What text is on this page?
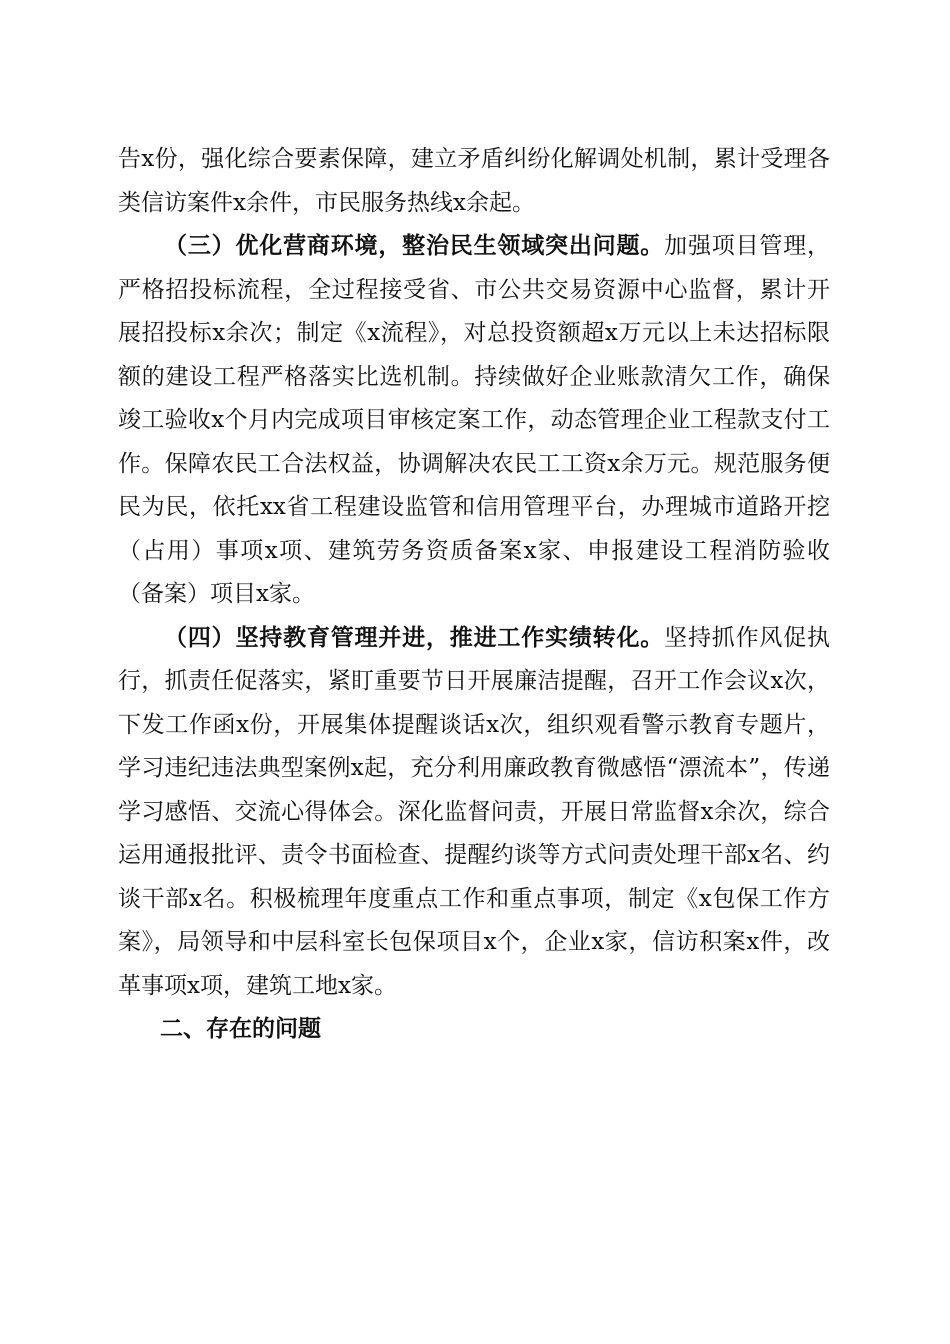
告x份，强化综合要素保障，建立矛盾纠纷化解调处机制，累计受理各类信访案件x余件，市民服务热线x余起。

（三）优化营商环境，整治民生领域突出问题。加强项目管理，严格招投标流程，全过程接受省、市公共交易资源中心监督，累计开展招投标x余次；制定《x流程》，对总投资额超x万元以上未达招标限额的建设工程严格落实比选机制。持续做好企业账款清欠工作，确保竣工验收x个月内完成项目审核定案工作，动态管理企业工程款支付工作。保障农民工合法权益，协调解决农民工工资x余万元。规范服务便民为民，依托xx省工程建设监管和信用管理平台，办理城市道路开挖（占用）事项x项、建筑劳务资质备案x家、申报建设工程消防验收（备案）项目x家。

（四）坚持教育管理并进，推进工作实绩转化。坚持抓作风促执行，抓责任促落实，紧盯重要节日开展廉洁提醒，召开工作会议x次，下发工作函x份，开展集体提醒谈话x次，组织观看警示教育专题片，学习违纪违法典型案例x起，充分利用廉政教育微感悟“漂流本”，传递学习感悟、交流心得体会。深化监督问责，开展日常监督x余次，综合运用通报批评、责令书面检查、提醒约谈等方式问责处理干部x名、约谈干部x名。积极梳理年度重点工作和重点事项，制定《x包保工作方案》，局领导和中层科室长包保项目x个，企业x家，信访积案x件，改革事项x项，建筑工地x家。

二、存在的问题
